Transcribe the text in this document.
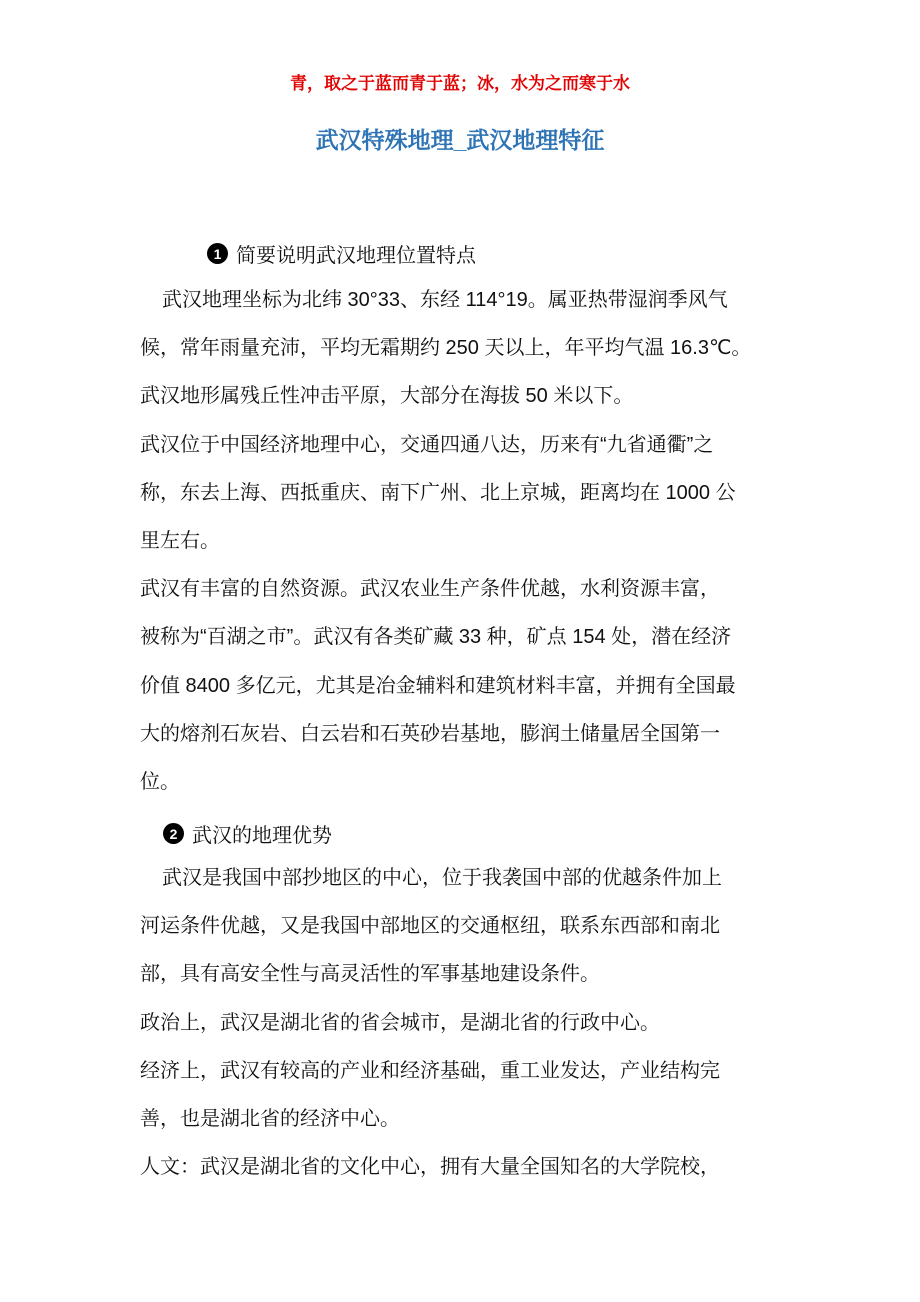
青，取之于蓝而青于蓝；冰，水为之而寒于水
武汉特殊地理_武汉地理特征
1 简要说明武汉地理位置特点
武汉地理坐标为北纬 30°33、东经 114°19。属亚热带湿润季风气
候，常年雨量充沛，平均无霜期约 250 天以上，年平均气温 16.3℃。
武汉地形属残丘性冲击平原，大部分在海拔 50 米以下。
武汉位于中国经济地理中心，交通四通八达，历来有“九省通衢”之
称，东去上海、西抵重庆、南下广州、北上京城，距离均在 1000 公
里左右。
武汉有丰富的自然资源。武汉农业生产条件优越，水利资源丰富，
被称为“百湖之市”。武汉有各类矿藏 33 种，矿点 154 处，潜在经济
价值 8400 多亿元，尤其是冶金辅料和建筑材料丰富，并拥有全国最
大的熔剂石灰岩、白云岩和石英砂岩基地，膨润土储量居全国第一
位。
2 武汉的地理优势
武汉是我国中部抄地区的中心，位于我袭国中部的优越条件加上
河运条件优越，又是我国中部地区的交通枢纽，联系东西部和南北
部，具有高安全性与高灵活性的军事基地建设条件。
政治上，武汉是湖北省的省会城市，是湖北省的行政中心。
经济上，武汉有较高的产业和经济基础，重工业发达，产业结构完
善，也是湖北省的经济中心。
人文：武汉是湖北省的文化中心，拥有大量全国知名的大学院校，
